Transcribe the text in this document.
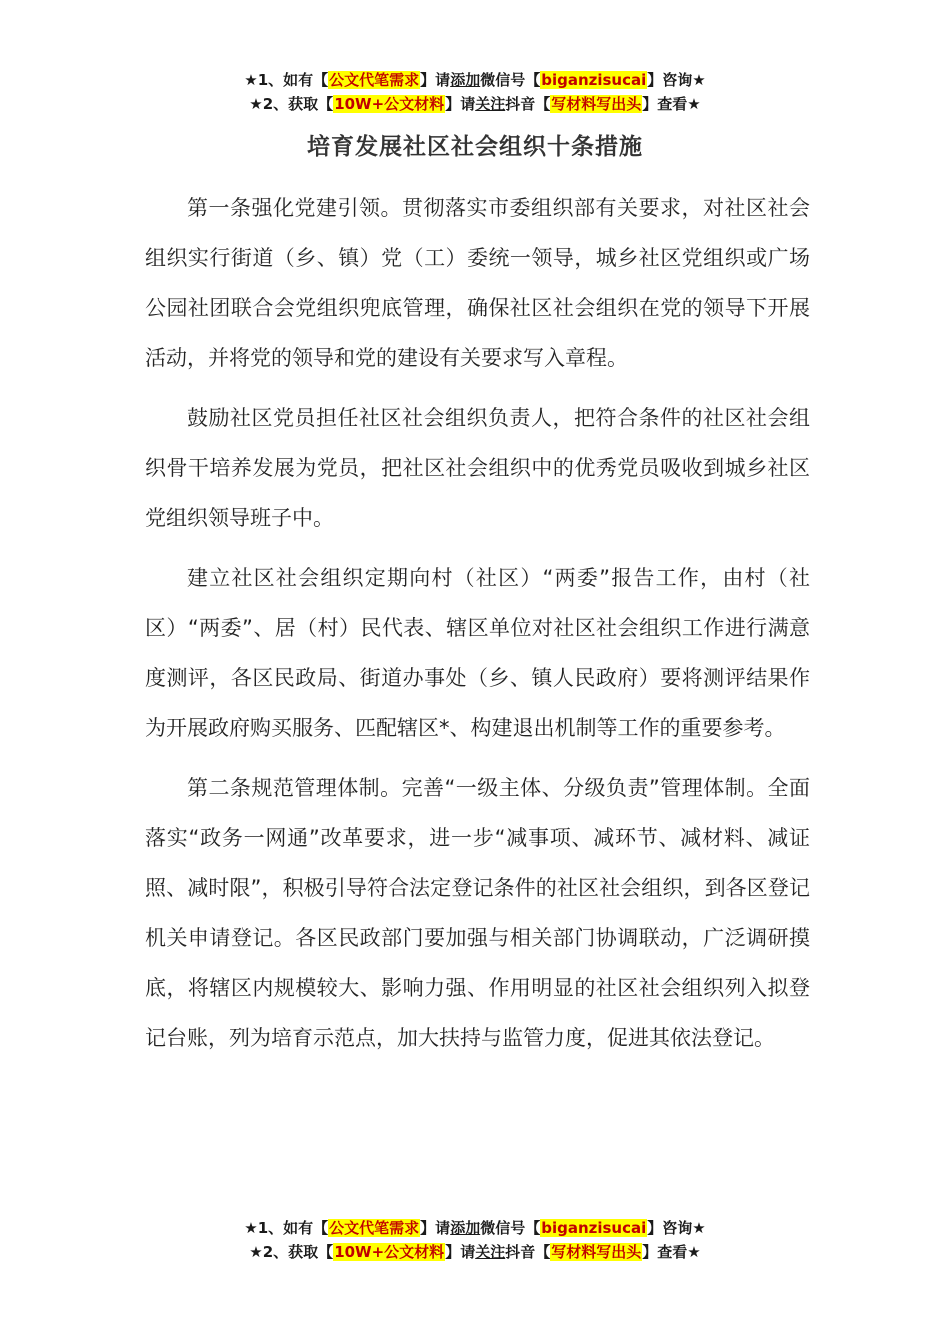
★1、如有【公文代笔需求】请添加微信号【biganzisucai】咨询★
★2、获取【10W+公文材料】请关注抖音【写材料写出头】查看★
培育发展社区社会组织十条措施

第一条强化党建引领。贯彻落实市委组织部有关要求，对社区社会组织实行街道（乡、镇）党（工）委统一领导，城乡社区党组织或广场公园社团联合会党组织兜底管理，确保社区社会组织在党的领导下开展活动，并将党的领导和党的建设有关要求写入章程。

鼓励社区党员担任社区社会组织负责人，把符合条件的社区社会组织骨干培养发展为党员，把社区社会组织中的优秀党员吸收到城乡社区党组织领导班子中。

建立社区社会组织定期向村（社区）“两委”报告工作，由村（社区）“两委”、居（村）民代表、辖区单位对社区社会组织工作进行满意度测评，各区民政局、街道办事处（乡、镇人民政府）要将测评结果作为开展政府购买服务、匹配辖区*、构建退出机制等工作的重要参考。

第二条规范管理体制。完善“一级主体、分级负责”管理体制。全面落实“政务一网通”改革要求，进一步“减事项、减环节、减材料、减证照、减时限”，积极引导符合法定登记条件的社区社会组织，到各区登记机关申请登记。各区民政部门要加强与相关部门协调联动，广泛调研摸底，将辖区内规模较大、影响力强、作用明显的社区社会组织列入拟登记台账，列为培育示范点，加大扶持与监管力度，促进其依法登记。

★1、如有【公文代笔需求】请添加微信号【biganzisucai】咨询★
★2、获取【10W+公文材料】请关注抖音【写材料写出头】查看★
